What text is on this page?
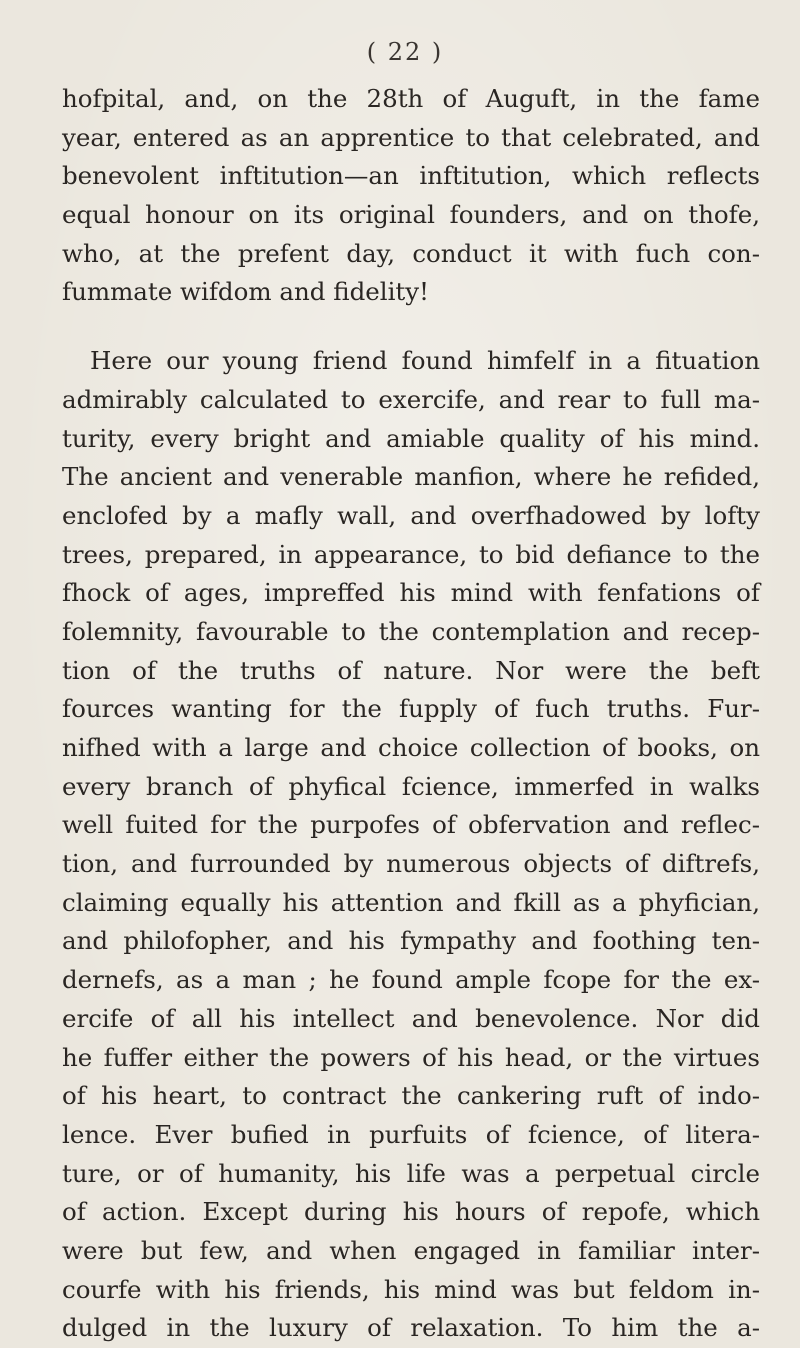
( 22 )
hofpital, and, on the 28th of Auguft, in the fame
year, entered as an apprentice to that celebrated, and
benevolent inftitution—an inftitution, which reflects
equal honour on its original founders, and on thofe,
who, at the prefent day, conduct it with fuch con-
fummate wifdom and fidelity!
Here our young friend found himfelf in a fituation
admirably calculated to exercife, and rear to full ma-
turity, every bright and amiable quality of his mind.
The ancient and venerable manfion, where he refided,
enclofed by a mafly wall, and overfhadowed by lofty
trees, prepared, in appearance, to bid defiance to the
fhock of ages, impreffed his mind with fenfations of
folemnity, favourable to the contemplation and recep-
tion of the truths of nature. Nor were the beft
fources wanting for the fupply of fuch truths. Fur-
nifhed with a large and choice collection of books, on
every branch of phyfical fcience, immerfed in walks
well fuited for the purpofes of obfervation and reflec-
tion, and furrounded by numerous objects of diftrefs,
claiming equally his attention and fkill as a phyfician,
and philofopher, and his fympathy and foothing ten-
dernefs, as a man ; he found ample fcope for the ex-
ercife of all his intellect and benevolence. Nor did
he fuffer either the powers of his head, or the virtues
of his heart, to contract the cankering ruft of indo-
lence. Ever bufied in purfuits of fcience, of litera-
ture, or of humanity, his life was a perpetual circle
of action. Except during his hours of repofe, which
were but few, and when engaged in familiar inter-
courfe with his friends, his mind was but feldom in-
dulged in the luxury of relaxation. To him the a-
